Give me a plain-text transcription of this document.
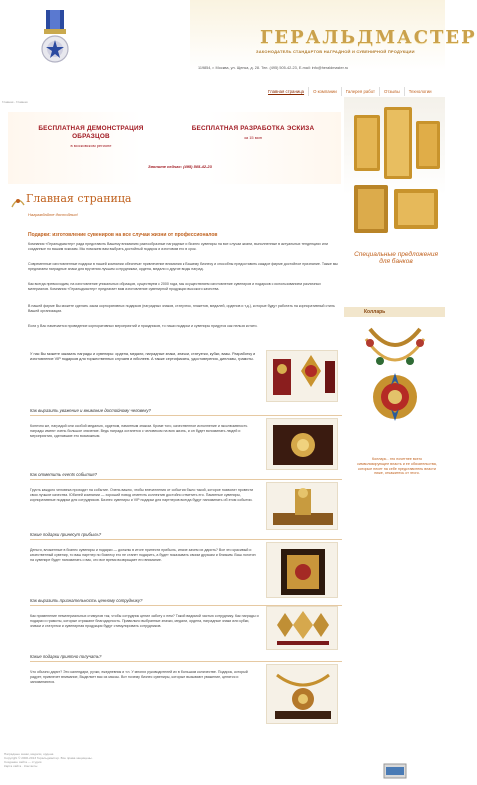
ГЕРАЛЬДМАСТЕР
ЗАКОНОДАТЕЛЬ СТАНДАРТОВ НАГРАДНОЙ И СУВЕНИРНОЙ ПРОДУКЦИИ
119854, г. Москва, ул. Щепка, д. 28. Тел. (495) 505-42-23, E-mail: info@heraldmaster.ru
Главная страница	О компании	Галерея работ	Отзывы	Технологии
Главная - Главная
БЕСПЛАТНАЯ ДЕМОНСТРАЦИЯ ОБРАЗЦОВ
в московском регионе
БЕСПЛАТНАЯ РАЗРАБОТКА ЭСКИЗА
за 15 мин
Звоните сейчас: (495) 505-42-23
Специальные предложения для банков
Колларь
Колларь - это почетнее всего символизирующее власть и ее обязательства, которые несет на себе представитель власти ниже, откажитесь от этого.
Главная страница
Награждайте достойных!
Подарки: изготовление сувениров на все случаи жизни от профессионалов
Компания «Геральдмастер» рада представить Вашему вниманию разнообразные наградные и бизнес сувениры на все случаи жизни, выполненные в актуальных тенденциях или созданные по вашим эскизам. Мы поможем вам выбрать достойный подарок и изготовим его в срок.
Современные изготовленные подарки в нашей компании обеспечат привлечение внимания к Вашему бизнесу и способны предоставить каждое фирме достойное признание. Также мы предлагаем наградные знаки для вручения лучшим сотрудникам, ордена, медали и другие виды наград.
Как всегда превосходим, на изготовление уникальных образцов, существуем с 2000 года, мы осуществляем изготовление сувениров и подарков с использованием различных материалов. Компания «Геральдмастер» предлагает вам изготовление сувенирной продукции высокого качества.
В нашей фирме Вы можете сделать заказ корпоративных подарков (наградных знаков, статуэток, плакетов, медалей, орденов и т.д.), которые будут работать на корпоративный стиль Вашей организации.
Если у Вас намечается проведение корпоративных мероприятий и праздников, то наши подарки и сувениры придутся как нельзя кстати.
У нас Вы можете заказать награды и сувениры: ордена, медали, наградные знаки, значки, статуэтки, кубки, вазы. Разработку и изготовление VIP подарков для торжественных случаев и юбилеев. А также сертификаты, удостоверения, дипломы, грамоты.
Как выразить уважение и внимание достойному человеку?
Конечно же, наградой или особой медалью, орденом, памятным знаком. Кроме того, качественное исполнение и эксклюзивность награды имеют очень большое значение. Ведь награда останется с человеком на всю жизнь, и он будет вспоминать людей и мероприятия, сделавшие это возможным.
Как отметить events события?
Грусть каждого человека проходит на событие. Очень важно, чтобы впечатления от события было такой, которое позволит провести свои лучшие качества. Юбилей компании — хороший повод отметить коллектив достойно отметить его. Памятные сувениры, корпоративные подарки для сотрудников. Бизнес сувениры и VIP подарки для партнеров всегда будут напоминать об этом событии.
Какие подарки принесут прибыль?
Деньги, вложенные в бизнес сувениры и подарки — должны в итоге принести прибыль, иначе зачем их дарить? Все это красивый и качественный сувенир, то ваш партнер по бизнесу его не станет подарить, а будет показывать своим друзьям и близким. Ваш логотип на сувенире будет напоминать о вас, кто все время возвращает его внимание.
Как выразить признательность ценному сотруднику?
Как применение нематериальных стимулов так, чтобы сотрудник ценил заботу о нем? Такой видимой частью сотруднику. Как награды и подарки и грамоты, которые отражают благодарность. Правильно выбранные значки, медали, ордена, наградные знаки или кубки, значки и статуэтки и сувенирная продукция будут стимулировать сотрудников.
Какие подарки приятно получать?
Что обычно дарят? Это календари, ручки, ежедневник и т.п. У многих руководителей их в большом количестве. Подарок, который радует, привлечет внимание, Выделяет вас из массы. Вот почему бизнес сувениры, которые вызывают уважение, ценятся и запоминаются.
Наградные знаки, медали, ордена
Copyright © 2000-2013 Геральдмастер. Все права защищены.
Создание сайта — студия
Карта сайта · Контакты
